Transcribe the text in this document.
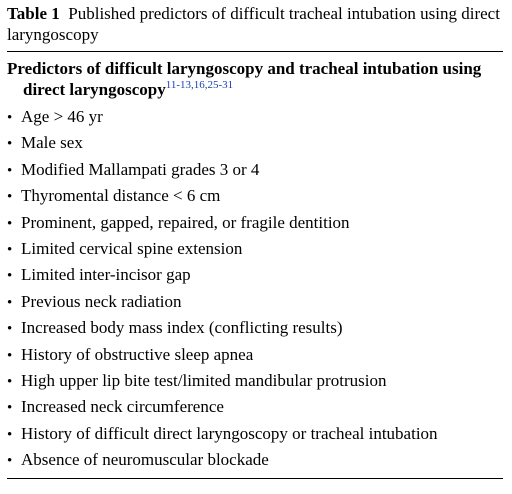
Table 1 Published predictors of difficult tracheal intubation using direct laryngoscopy
Predictors of difficult laryngoscopy and tracheal intubation using
direct laryngoscopy$^{11-13,16,25-31}$
• Age > 46 yr
• Male sex
• Modified Mallampati grades 3 or 4
• Thyromental distance < 6 cm
• Prominent, gapped, repaired, or fragile dentition
• Limited cervical spine extension
• Limited inter-incisor gap
• Previous neck radiation
• Increased body mass index (conflicting results)
• History of obstructive sleep apnea
• High upper lip bite test/limited mandibular protrusion
• Increased neck circumference
• History of difficult direct laryngoscopy or tracheal intubation
• Absence of neuromuscular blockade
